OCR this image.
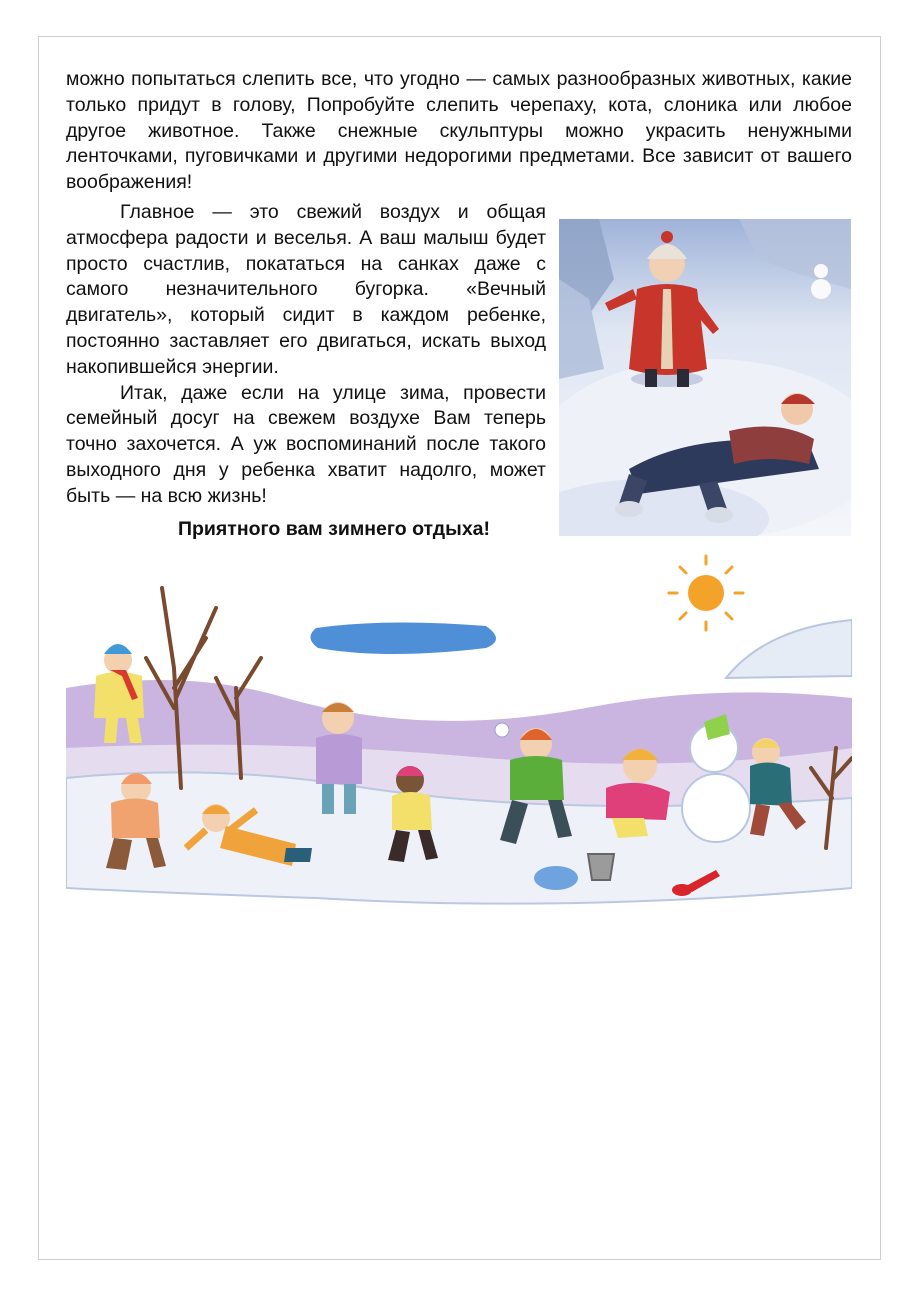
можно попытаться слепить все, что угодно — самых разнообразных животных, какие только придут в голову, Попробуйте слепить черепаху, кота, слоника или любое другое животное. Также снежные скульптуры можно украсить ненужными ленточками, пуговичками и другими недорогими предметами. Все зависит от вашего воображения!

Главное — это свежий воздух и общая атмосфера радости и веселья. А ваш малыш будет просто счастлив, покататься на санках даже с самого незначительного бугорка. «Вечный двигатель», который сидит в каждом ребенке, постоянно заставляет его двигаться, искать выход накопившейся энергии.

Итак, даже если на улице зима, провести семейный досуг на свежем воздухе Вам теперь точно захочется. А уж воспоминаний после такого выходного дня у ребенка хватит надолго, может быть — на всю жизнь!

Приятного вам зимнего отдыха!
